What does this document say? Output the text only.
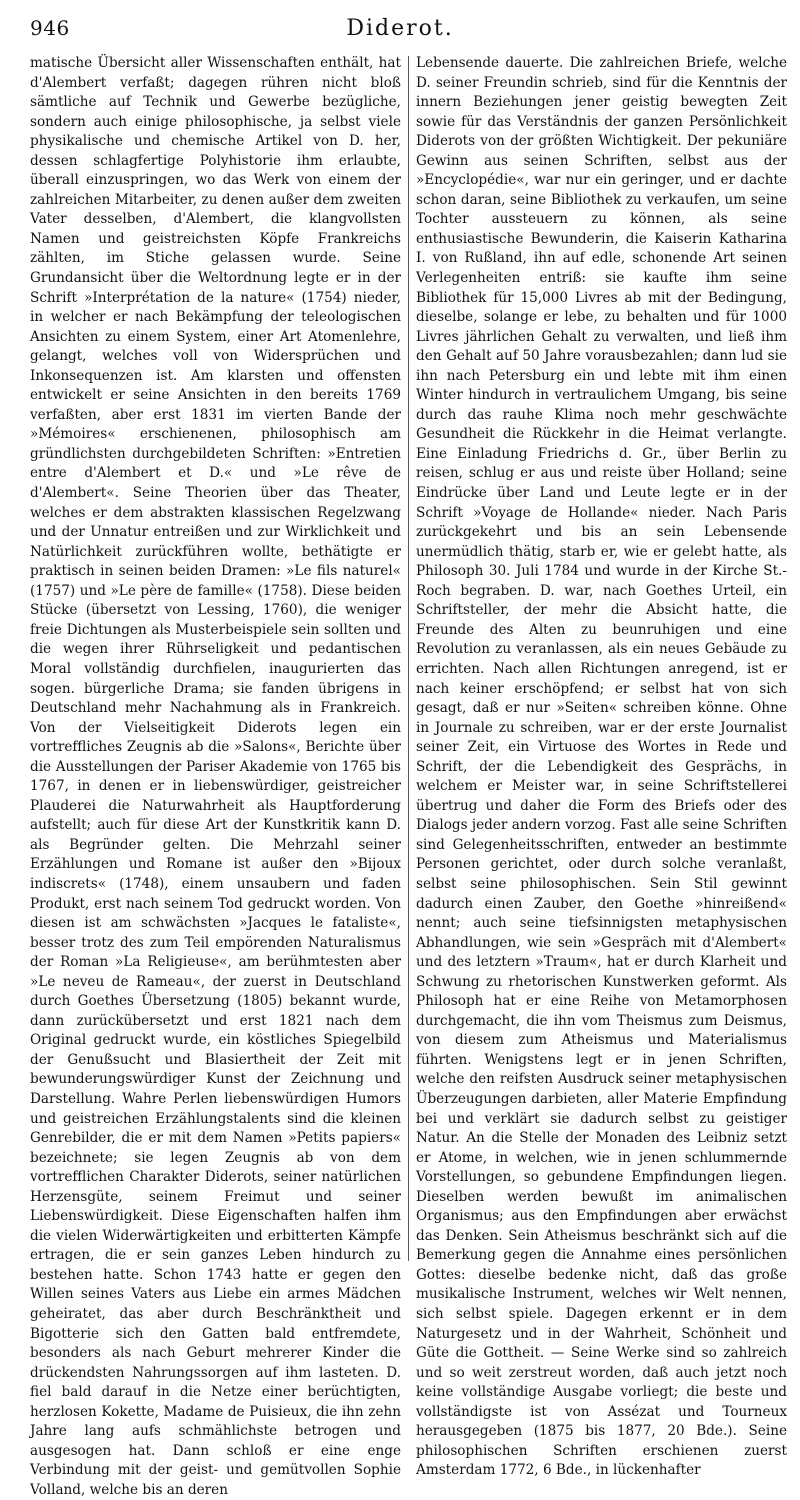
946	Diderot.

matische Übersicht aller Wissenschaften enthält, hat d'Alembert verfaßt; dagegen rühren nicht bloß sämtliche auf Technik und Gewerbe bezügliche, sondern auch einige philosophische, ja selbst viele physikalische und chemische Artikel von D. her, dessen schlagfertige Polyhistorie ihm erlaubte, überall einzuspringen, wo das Werk von einem der zahlreichen Mitarbeiter, zu denen außer dem zweiten Vater desselben, d'Alembert, die klangvollsten Namen und geistreichsten Köpfe Frankreichs zählten, im Stiche gelassen wurde. Seine Grundansicht über die Weltordnung legte er in der Schrift »Interprétation de la nature« (1754) nieder, in welcher er nach Bekämpfung der teleologischen Ansichten zu einem System, einer Art Atomenlehre, gelangt, welches voll von Widersprüchen und Inkonsequenzen ist. Am klarsten und offensten entwickelt er seine Ansichten in den bereits 1769 verfaßten, aber erst 1831 im vierten Bande der »Mémoires« erschienenen, philosophisch am gründlichsten durchgebildeten Schriften: »Entretien entre d'Alembert et D.« und »Le rêve de d'Alembert«. Seine Theorien über das Theater, welches er dem abstrakten klassischen Regelzwang und der Unnatur entreißen und zur Wirklichkeit und Natürlichkeit zurückführen wollte, bethätigte er praktisch in seinen beiden Dramen: »Le fils naturel« (1757) und »Le père de famille« (1758). Diese beiden Stücke (übersetzt von Lessing, 1760), die weniger freie Dichtungen als Musterbeispiele sein sollten und die wegen ihrer Rührseligkeit und pedantischen Moral vollständig durchfielen, inaugurierten das sogen. bürgerliche Drama; sie fanden übrigens in Deutschland mehr Nachahmung als in Frankreich. Von der Vielseitigkeit Diderots legen ein vortreffliches Zeugnis ab die »Salons«, Berichte über die Ausstellungen der Pariser Akademie von 1765 bis 1767, in denen er in liebenswürdiger, geistreicher Plauderei die Naturwahrheit als Hauptforderung aufstellt; auch für diese Art der Kunstkritik kann D. als Begründer gelten. Die Mehrzahl seiner Erzählungen und Romane ist außer den »Bijoux indiscrets« (1748), einem unsaubern und faden Produkt, erst nach seinem Tod gedruckt worden. Von diesen ist am schwächsten »Jacques le fataliste«, besser trotz des zum Teil empörenden Naturalismus der Roman »La Religieuse«, am berühmtesten aber »Le neveu de Rameau«, der zuerst in Deutschland durch Goethes Übersetzung (1805) bekannt wurde, dann zurückübersetzt und erst 1821 nach dem Original gedruckt wurde, ein köstliches Spiegelbild der Genußsucht und Blasiertheit der Zeit mit bewunderungswürdiger Kunst der Zeichnung und Darstellung. Wahre Perlen liebenswürdigen Humors und geistreichen Erzählungstalents sind die kleinen Genrebilder, die er mit dem Namen »Petits papiers« bezeichnete; sie legen Zeugnis ab von dem vortrefflichen Charakter Diderots, seiner natürlichen Herzensgüte, seinem Freimut und seiner Liebenswürdigkeit. Diese Eigenschaften halfen ihm die vielen Widerwärtigkeiten und erbitterten Kämpfe ertragen, die er sein ganzes Leben hindurch zu bestehen hatte. Schon 1743 hatte er gegen den Willen seines Vaters aus Liebe ein armes Mädchen geheiratet, das aber durch Beschränktheit und Bigotterie sich den Gatten bald entfremdete, besonders als nach Geburt mehrerer Kinder die drückendsten Nahrungssorgen auf ihm lasteten. D. fiel bald darauf in die Netze einer berüchtigten, herzlosen Kokette, Madame de Puisieux, die ihn zehn Jahre lang aufs schmählichste betrogen und ausgesogen hat. Dann schloß er eine enge Verbindung mit der geist- und gemütvollen Sophie Volland, welche bis an deren

Lebensende dauerte. Die zahlreichen Briefe, welche D. seiner Freundin schrieb, sind für die Kenntnis der innern Beziehungen jener geistig bewegten Zeit sowie für das Verständnis der ganzen Persönlichkeit Diderots von der größten Wichtigkeit. Der pekuniäre Gewinn aus seinen Schriften, selbst aus der »Encyclopédie«, war nur ein geringer, und er dachte schon daran, seine Bibliothek zu verkaufen, um seine Tochter aussteuern zu können, als seine enthusiastische Bewunderin, die Kaiserin Katharina I. von Rußland, ihn auf edle, schonende Art seinen Verlegenheiten entriß: sie kaufte ihm seine Bibliothek für 15,000 Livres ab mit der Bedingung, dieselbe, solange er lebe, zu behalten und für 1000 Livres jährlichen Gehalt zu verwalten, und ließ ihm den Gehalt auf 50 Jahre vorausbezahlen; dann lud sie ihn nach Petersburg ein und lebte mit ihm einen Winter hindurch in vertraulichem Umgang, bis seine durch das rauhe Klima noch mehr geschwächte Gesundheit die Rückkehr in die Heimat verlangte. Eine Einladung Friedrichs d. Gr., über Berlin zu reisen, schlug er aus und reiste über Holland; seine Eindrücke über Land und Leute legte er in der Schrift »Voyage de Hollande« nieder. Nach Paris zurückgekehrt und bis an sein Lebensende unermüdlich thätig, starb er, wie er gelebt hatte, als Philosoph 30. Juli 1784 und wurde in der Kirche St.-Roch begraben. D. war, nach Goethes Urteil, ein Schriftsteller, der mehr die Absicht hatte, die Freunde des Alten zu beunruhigen und eine Revolution zu veranlassen, als ein neues Gebäude zu errichten. Nach allen Richtungen anregend, ist er nach keiner erschöpfend; er selbst hat von sich gesagt, daß er nur »Seiten« schreiben könne. Ohne in Journale zu schreiben, war er der erste Journalist seiner Zeit, ein Virtuose des Wortes in Rede und Schrift, der die Lebendigkeit des Gesprächs, in welchem er Meister war, in seine Schriftstellerei übertrug und daher die Form des Briefs oder des Dialogs jeder andern vorzog. Fast alle seine Schriften sind Gelegenheitsschriften, entweder an bestimmte Personen gerichtet, oder durch solche veranlaßt, selbst seine philosophischen. Sein Stil gewinnt dadurch einen Zauber, den Goethe »hinreißend« nennt; auch seine tiefsinnigsten metaphysischen Abhandlungen, wie sein »Gespräch mit d'Alembert« und des letztern »Traum«, hat er durch Klarheit und Schwung zu rhetorischen Kunstwerken geformt. Als Philosoph hat er eine Reihe von Metamorphosen durchgemacht, die ihn vom Theismus zum Deismus, von diesem zum Atheismus und Materialismus führten. Wenigstens legt er in jenen Schriften, welche den reifsten Ausdruck seiner metaphysischen Überzeugungen darbieten, aller Materie Empfindung bei und verklärt sie dadurch selbst zu geistiger Natur. An die Stelle der Monaden des Leibniz setzt er Atome, in welchen, wie in jenen schlummernde Vorstellungen, so gebundene Empfindungen liegen. Dieselben werden bewußt im animalischen Organismus; aus den Empfindungen aber erwächst das Denken. Sein Atheismus beschränkt sich auf die Bemerkung gegen die Annahme eines persönlichen Gottes: dieselbe bedenke nicht, daß das große musikalische Instrument, welches wir Welt nennen, sich selbst spiele. Dagegen erkennt er in dem Naturgesetz und in der Wahrheit, Schönheit und Güte die Gottheit. — Seine Werke sind so zahlreich und so weit zerstreut worden, daß auch jetzt noch keine vollständige Ausgabe vorliegt; die beste und vollständigste ist von Assézat und Tourneux herausgegeben (1875 bis 1877, 20 Bde.). Seine philosophischen Schriften erschienen zuerst Amsterdam 1772, 6 Bde., in lückenhafter
